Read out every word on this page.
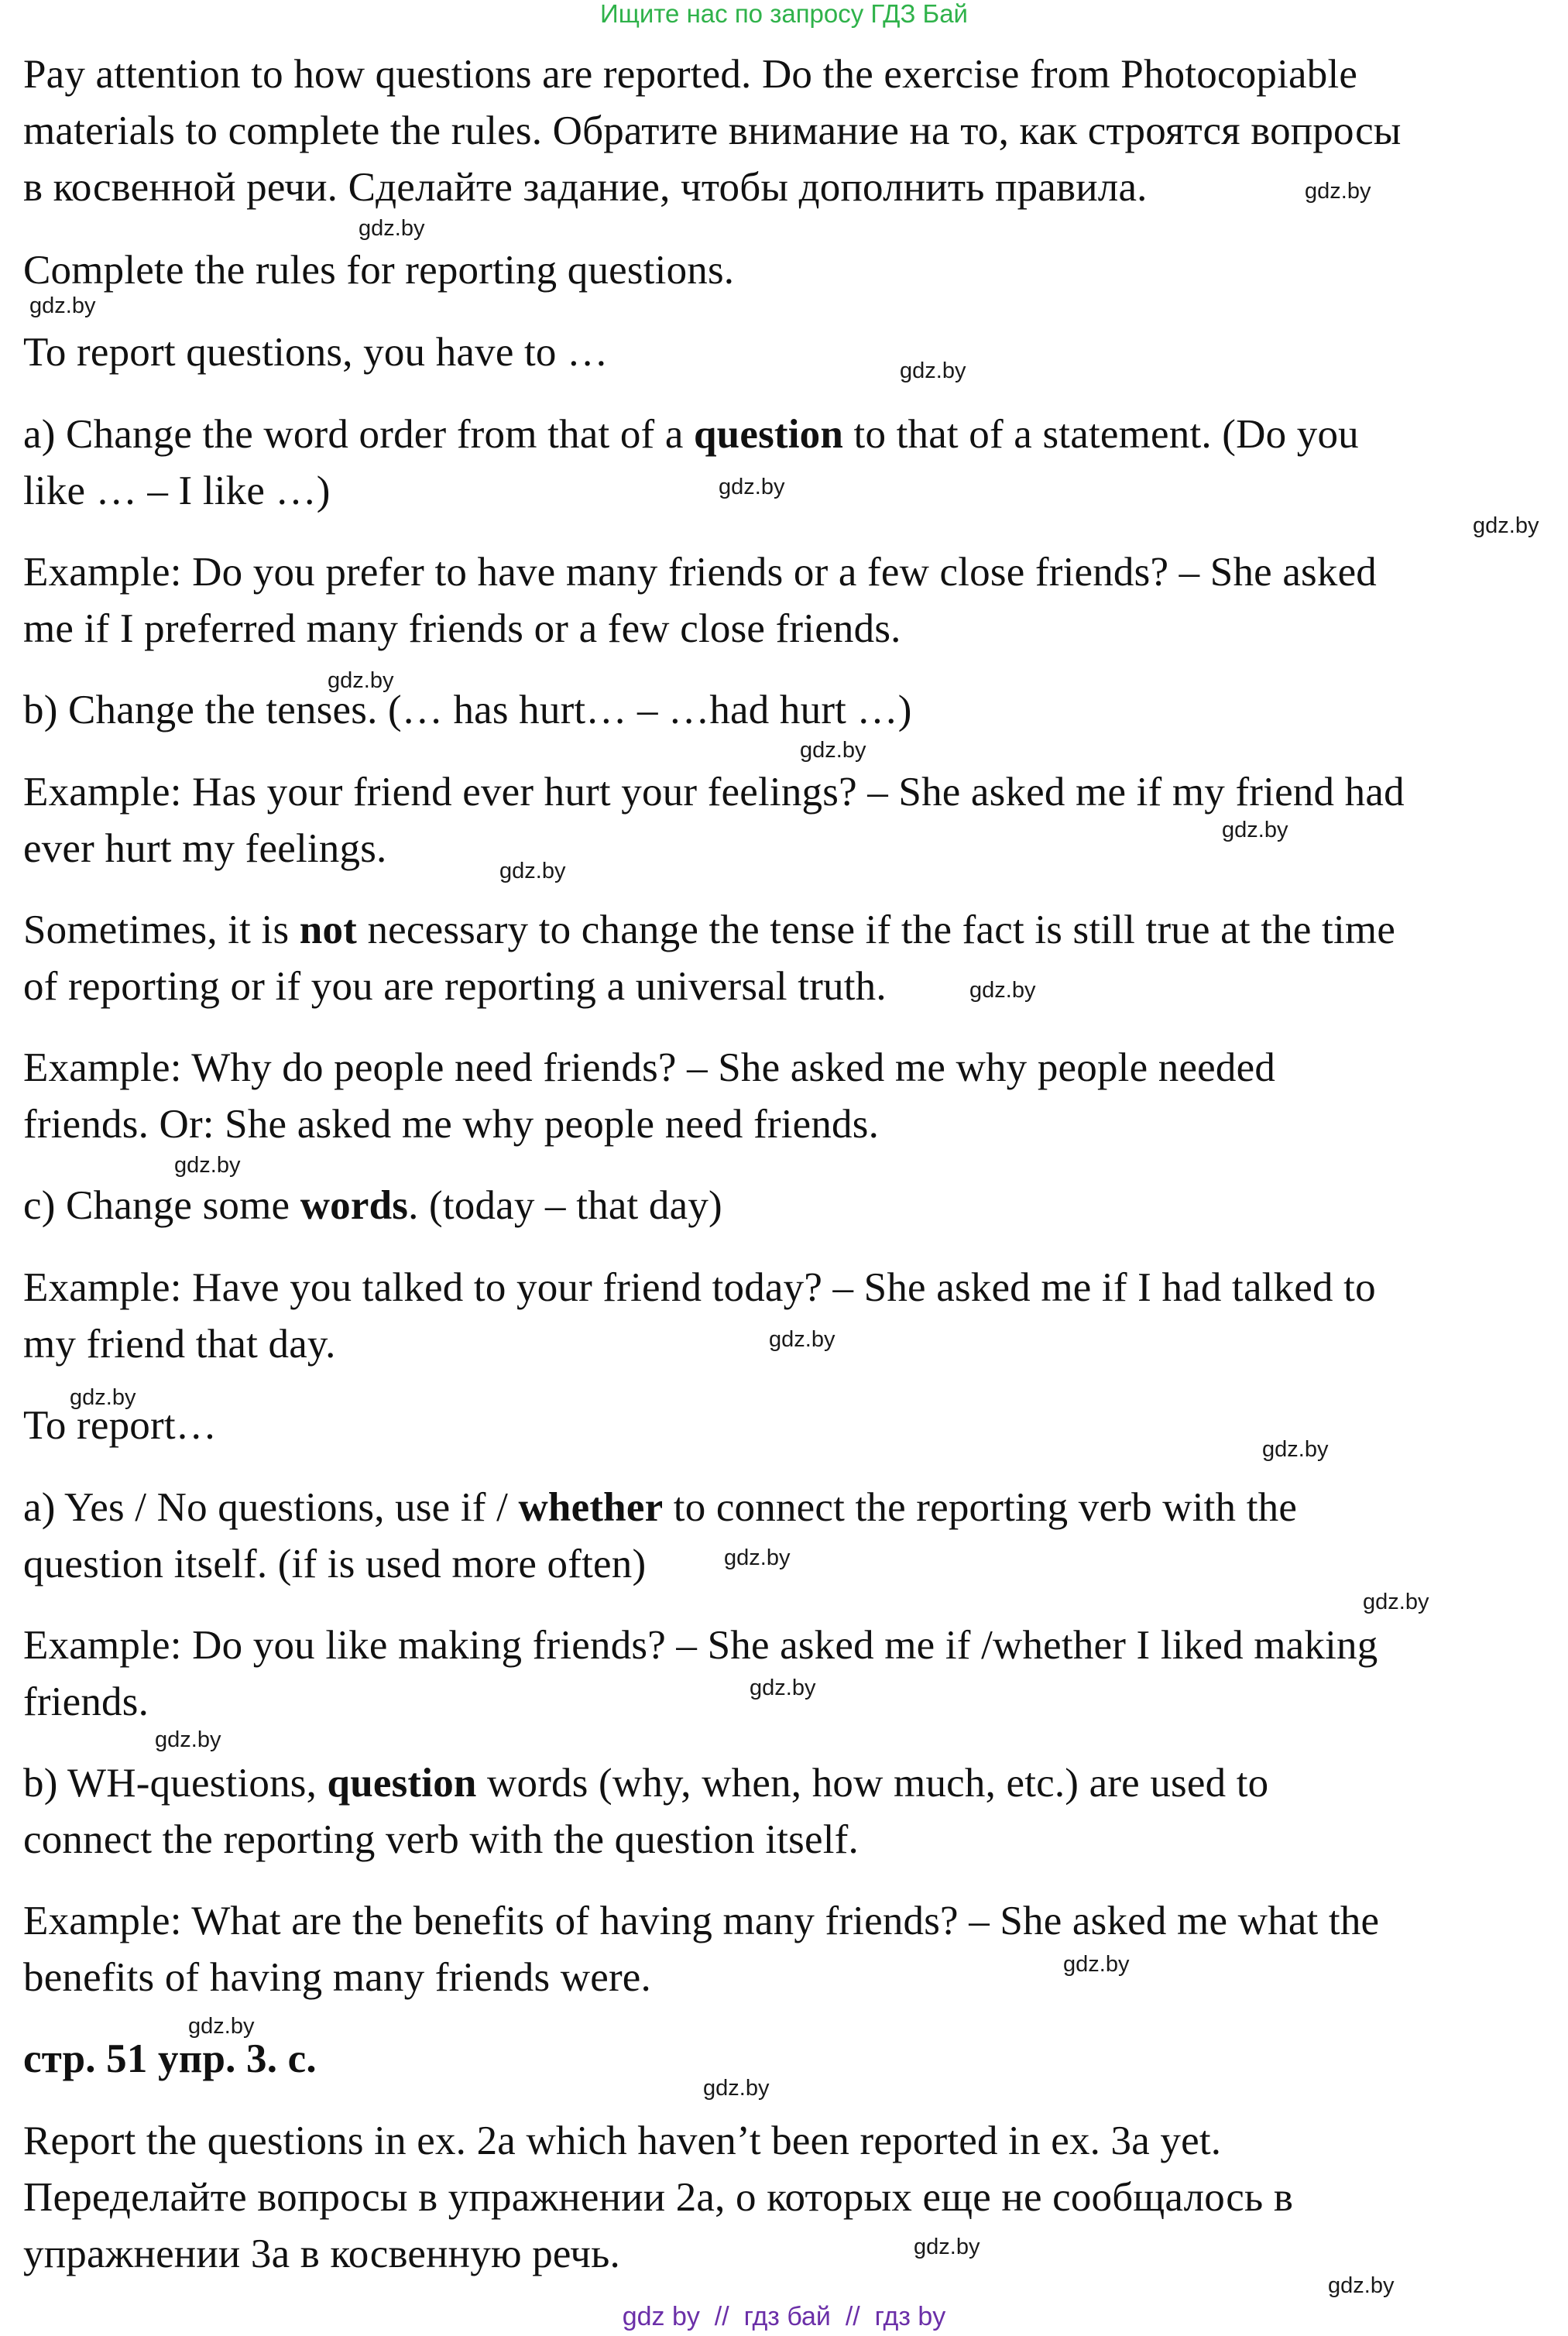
Ищите нас по запросу ГДЗ Бай
Pay attention to how questions are reported. Do the exercise from Photocopiable
materials to complete the rules. Обратите внимание на то, как строятся вопросы
в косвенной речи. Сделайте задание, чтобы дополнить правила.
Complete the rules for reporting questions.
To report questions, you have to …
a) Change the word order from that of a question to that of a statement. (Do you
like … – I like …)
Example: Do you prefer to have many friends or a few close friends? – She asked
me if I preferred many friends or a few close friends.
b) Change the tenses. (… has hurt… – …had hurt …)
Example: Has your friend ever hurt your feelings? – She asked me if my friend had
ever hurt my feelings.
Sometimes, it is not necessary to change the tense if the fact is still true at the time
of reporting or if you are reporting a universal truth.
Example: Why do people need friends? – She asked me why people needed
friends. Or: She asked me why people need friends.
c) Change some words. (today – that day)
Example: Have you talked to your friend today? – She asked me if I had talked to
my friend that day.
To report…
a) Yes / No questions, use if / whether to connect the reporting verb with the
question itself. (if is used more often)
Example: Do you like making friends? – She asked me if /whether I liked making
friends.
b) WH-questions, question words (why, when, how much, etc.) are used to
connect the reporting verb with the question itself.
Example: What are the benefits of having many friends? – She asked me what the
benefits of having many friends were.
стр. 51 упр. 3. с.
Report the questions in ex. 2a which haven’t been reported in ex. 3a yet.
Переделайте вопросы в упражнении 2а, о которых еще не сообщалось в
упражнении 3а в косвенную речь.
gdz.by
gdz.by
gdz.by
gdz.by
gdz.by
gdz.by
gdz.by
gdz.by
gdz.by
gdz.by
gdz.by
gdz.by
gdz.by
gdz.by
gdz.by
gdz.by
gdz.by
gdz.by
gdz.by
gdz.by
gdz.by
gdz.by
gdz.by
gdz.by
gdz by  //  гдз бай  //  гдз by
